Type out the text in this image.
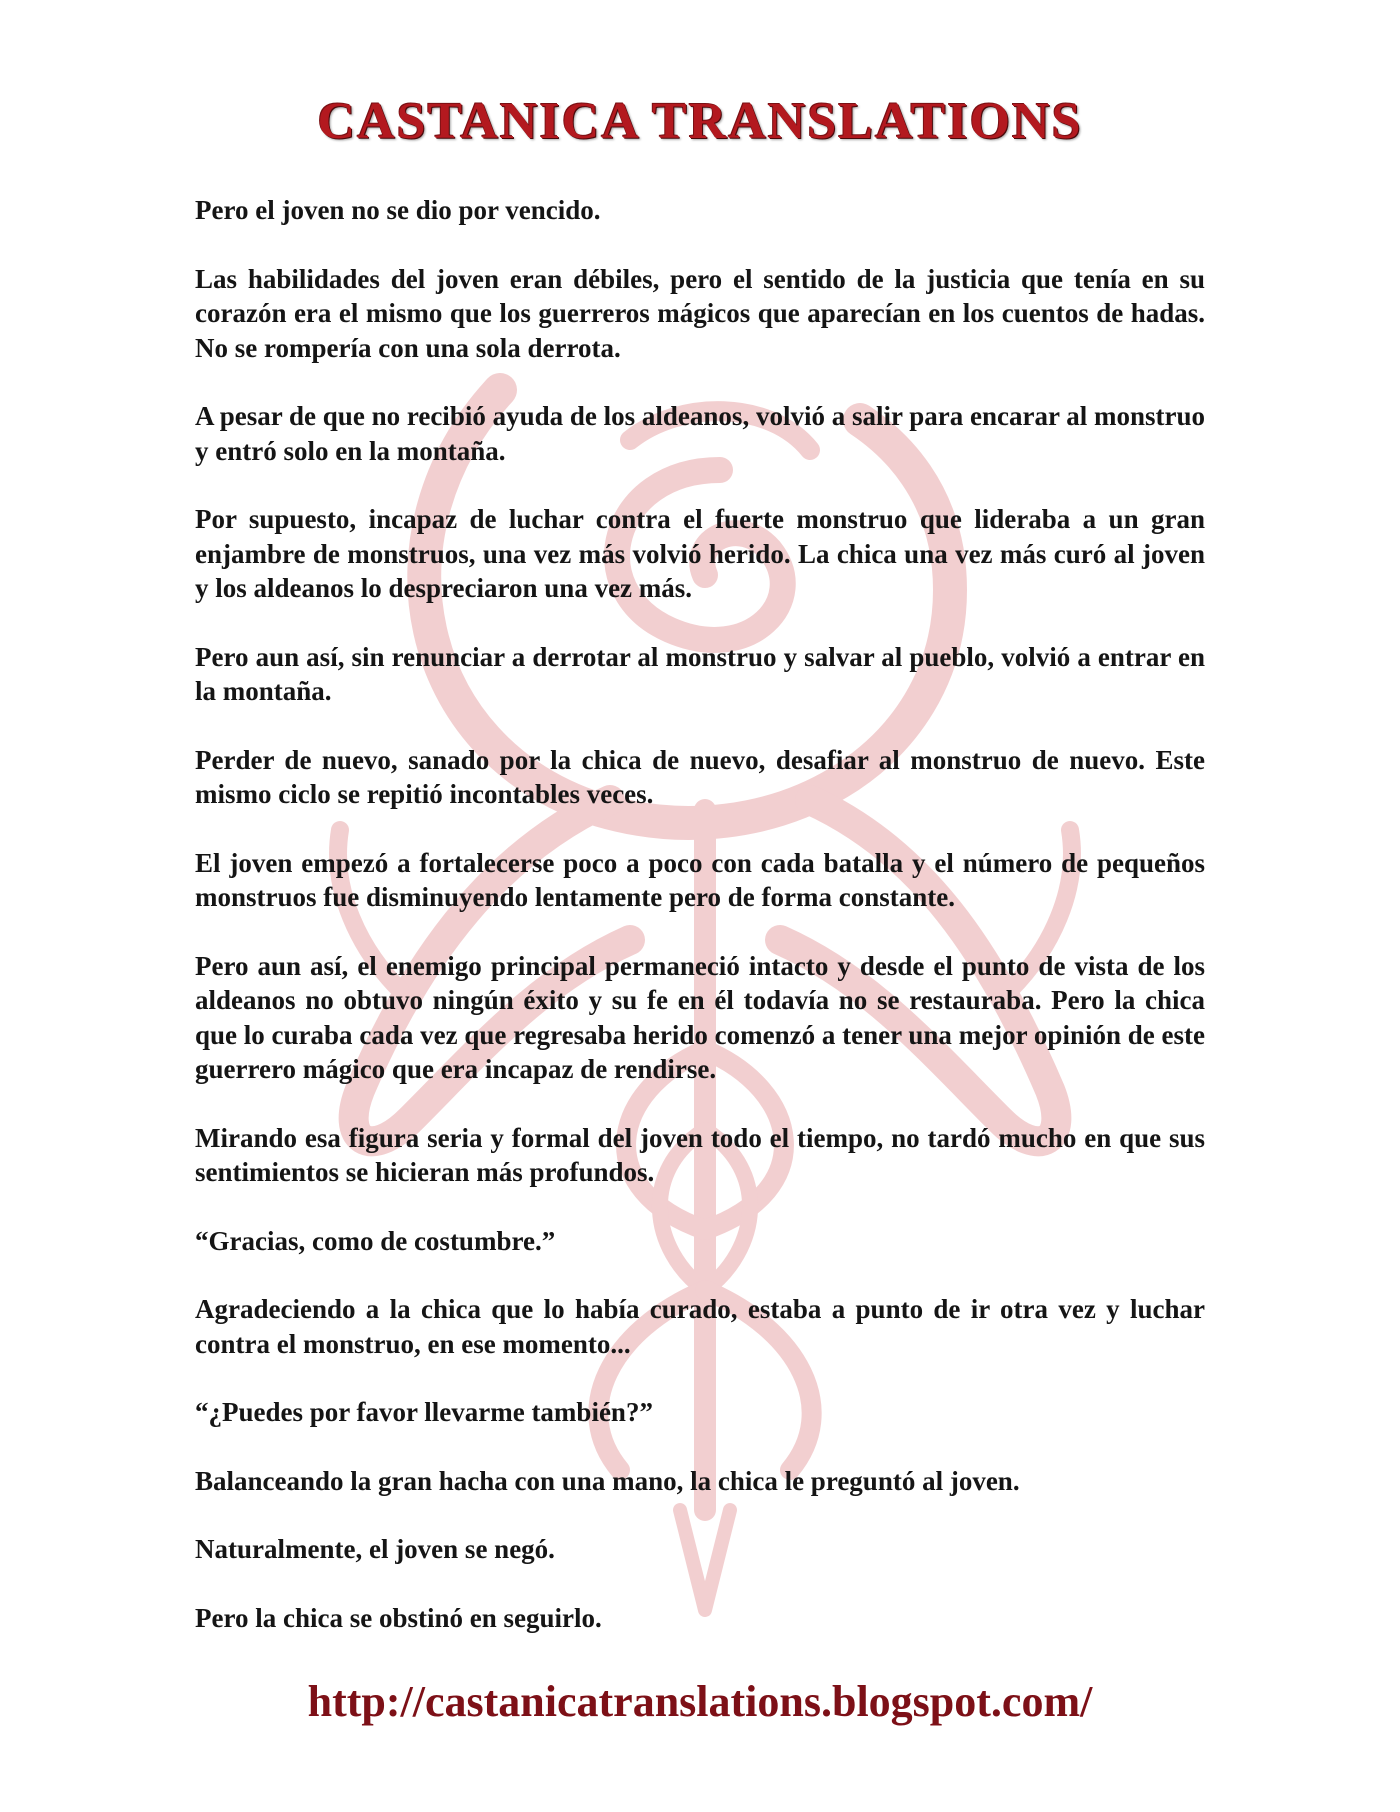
CASTANICA TRANSLATIONS

Pero el joven no se dio por vencido.

Las habilidades del joven eran débiles, pero el sentido de la justicia que tenía en su corazón era el mismo que los guerreros mágicos que aparecían en los cuentos de hadas. No se rompería con una sola derrota.

A pesar de que no recibió ayuda de los aldeanos, volvió a salir para encarar al monstruo y entró solo en la montaña.

Por supuesto, incapaz de luchar contra el fuerte monstruo que lideraba a un gran enjambre de monstruos, una vez más volvió herido. La chica una vez más curó al joven y los aldeanos lo despreciaron una vez más.

Pero aun así, sin renunciar a derrotar al monstruo y salvar al pueblo, volvió a entrar en la montaña.

Perder de nuevo, sanado por la chica de nuevo, desafiar al monstruo de nuevo. Este mismo ciclo se repitió incontables veces.

El joven empezó a fortalecerse poco a poco con cada batalla y el número de pequeños monstruos fue disminuyendo lentamente pero de forma constante.

Pero aun así, el enemigo principal permaneció intacto y desde el punto de vista de los aldeanos no obtuvo ningún éxito y su fe en él todavía no se restauraba. Pero la chica que lo curaba cada vez que regresaba herido comenzó a tener una mejor opinión de este guerrero mágico que era incapaz de rendirse.

Mirando esa figura seria y formal del joven todo el tiempo, no tardó mucho en que sus sentimientos se hicieran más profundos.

“Gracias, como de costumbre.”

Agradeciendo a la chica que lo había curado, estaba a punto de ir otra vez y luchar contra el monstruo, en ese momento...

“¿Puedes por favor llevarme también?”

Balanceando la gran hacha con una mano, la chica le preguntó al joven.

Naturalmente, el joven se negó.

Pero la chica se obstinó en seguirlo.

http://castanicatranslations.blogspot.com/
